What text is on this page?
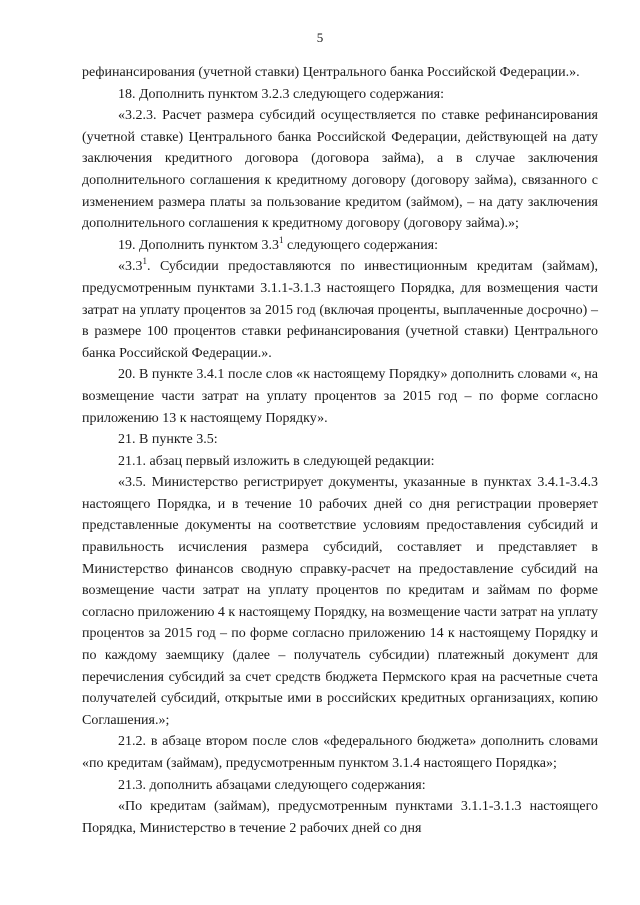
5

рефинансирования (учетной ставки) Центрального банка Российской Федерации.».

18. Дополнить пунктом 3.2.3 следующего содержания:

«3.2.3. Расчет размера субсидий осуществляется по ставке рефинансирования (учетной ставке) Центрального банка Российской Федерации, действующей на дату заключения кредитного договора (договора займа), а в случае заключения дополнительного соглашения к кредитному договору (договору займа), связанного с изменением размера платы за пользование кредитом (займом), – на дату заключения дополнительного соглашения к кредитному договору (договору займа).»;

19. Дополнить пунктом $3.3^1$ следующего содержания:

«$3.3^1$. Субсидии предоставляются по инвестиционным кредитам (займам), предусмотренным пунктами 3.1.1-3.1.3 настоящего Порядка, для возмещения части затрат на уплату процентов за 2015 год (включая проценты, выплаченные досрочно) – в размере 100 процентов ставки рефинансирования (учетной ставки) Центрального банка Российской Федерации.».

20. В пункте 3.4.1 после слов «к настоящему Порядку» дополнить словами «, на возмещение части затрат на уплату процентов за 2015 год – по форме согласно приложению 13 к настоящему Порядку».

21. В пункте 3.5:

21.1. абзац первый изложить в следующей редакции:

«3.5. Министерство регистрирует документы, указанные в пунктах 3.4.1-3.4.3 настоящего Порядка, и в течение 10 рабочих дней со дня регистрации проверяет представленные документы на соответствие условиям предоставления субсидий и правильность исчисления размера субсидий, составляет и представляет в Министерство финансов сводную справку-расчет на предоставление субсидий на возмещение части затрат на уплату процентов по кредитам и займам по форме согласно приложению 4 к настоящему Порядку, на возмещение части затрат на уплату процентов за 2015 год – по форме согласно приложению 14 к настоящему Порядку и по каждому заемщику (далее – получатель субсидии) платежный документ для перечисления субсидий за счет средств бюджета Пермского края на расчетные счета получателей субсидий, открытые ими в российских кредитных организациях, копию Соглашения.»;

21.2. в абзаце втором после слов «федерального бюджета» дополнить словами «по кредитам (займам), предусмотренным пунктом 3.1.4 настоящего Порядка»;

21.3. дополнить абзацами следующего содержания:

«По кредитам (займам), предусмотренным пунктами 3.1.1-3.1.3 настоящего Порядка, Министерство в течение 2 рабочих дней со дня
